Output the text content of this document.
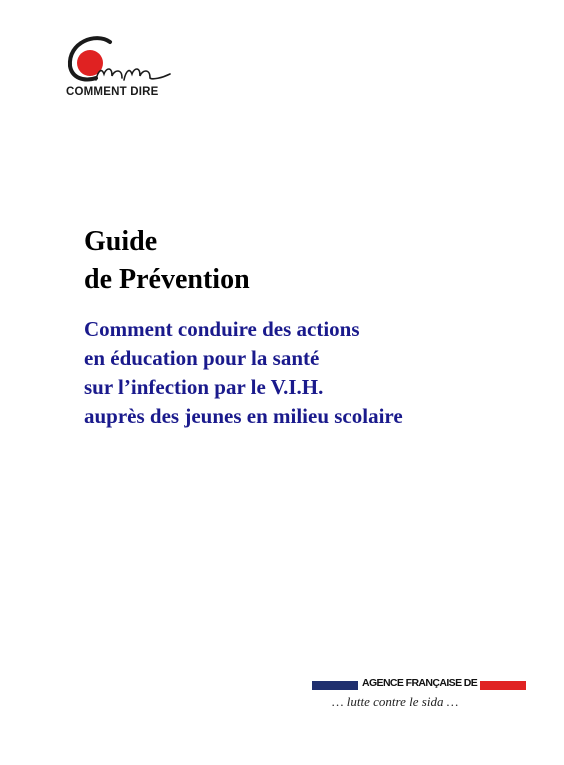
COMMENT DIRE
Guide
de Prévention
Comment conduire des actions
en éducation pour la santé
sur l’infection par le V.I.H.
auprès des jeunes en milieu scolaire
AGENCE FRANÇAISE DE
… lutte contre le sida …
